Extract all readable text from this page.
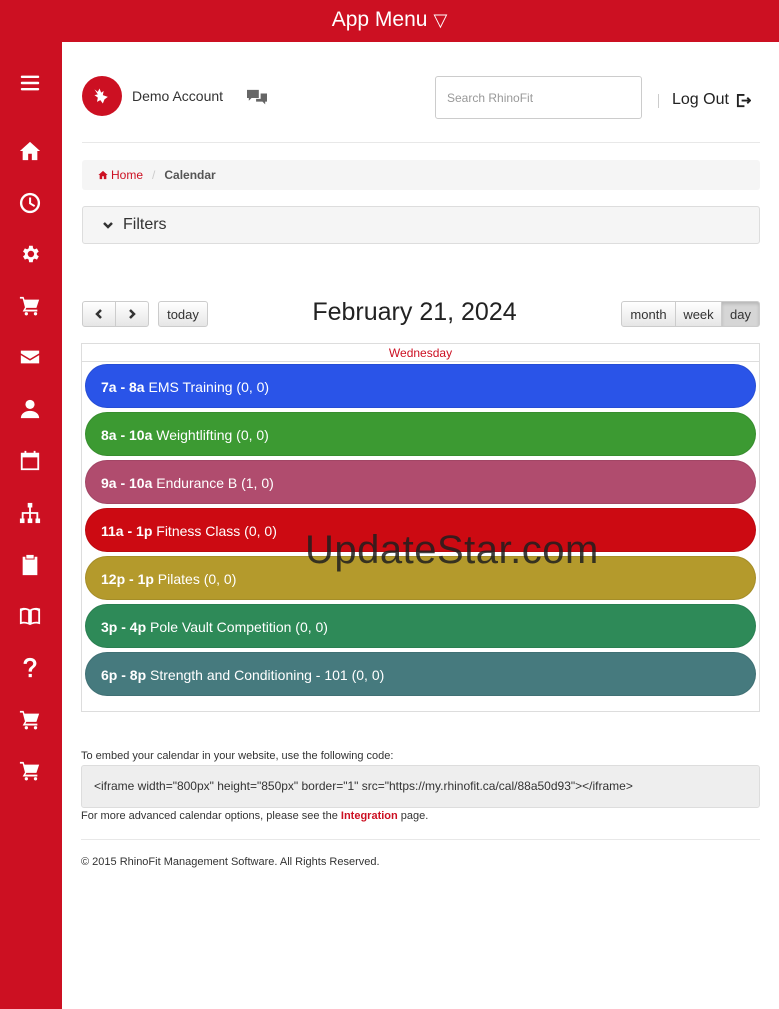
App Menu ▽
Demo Account
Search RhinoFit	Log Out
Home / Calendar
Filters
today	February 21, 2024	month	week	day
Wednesday
7a - 8a EMS Training (0, 0)
8a - 10a Weightlifting (0, 0)
9a - 10a Endurance B (1, 0)
11a - 1p Fitness Class (0, 0)
12p - 1p Pilates (0, 0)
3p - 4p Pole Vault Competition (0, 0)
6p - 8p Strength and Conditioning - 101 (0, 0)
UpdateStar.com
To embed your calendar in your website, use the following code:
<iframe width="800px" height="850px" border="1" src="https://my.rhinofit.ca/cal/88a50d93"></iframe>
For more advanced calendar options, please see the Integration page.
© 2015 RhinoFit Management Software. All Rights Reserved.
